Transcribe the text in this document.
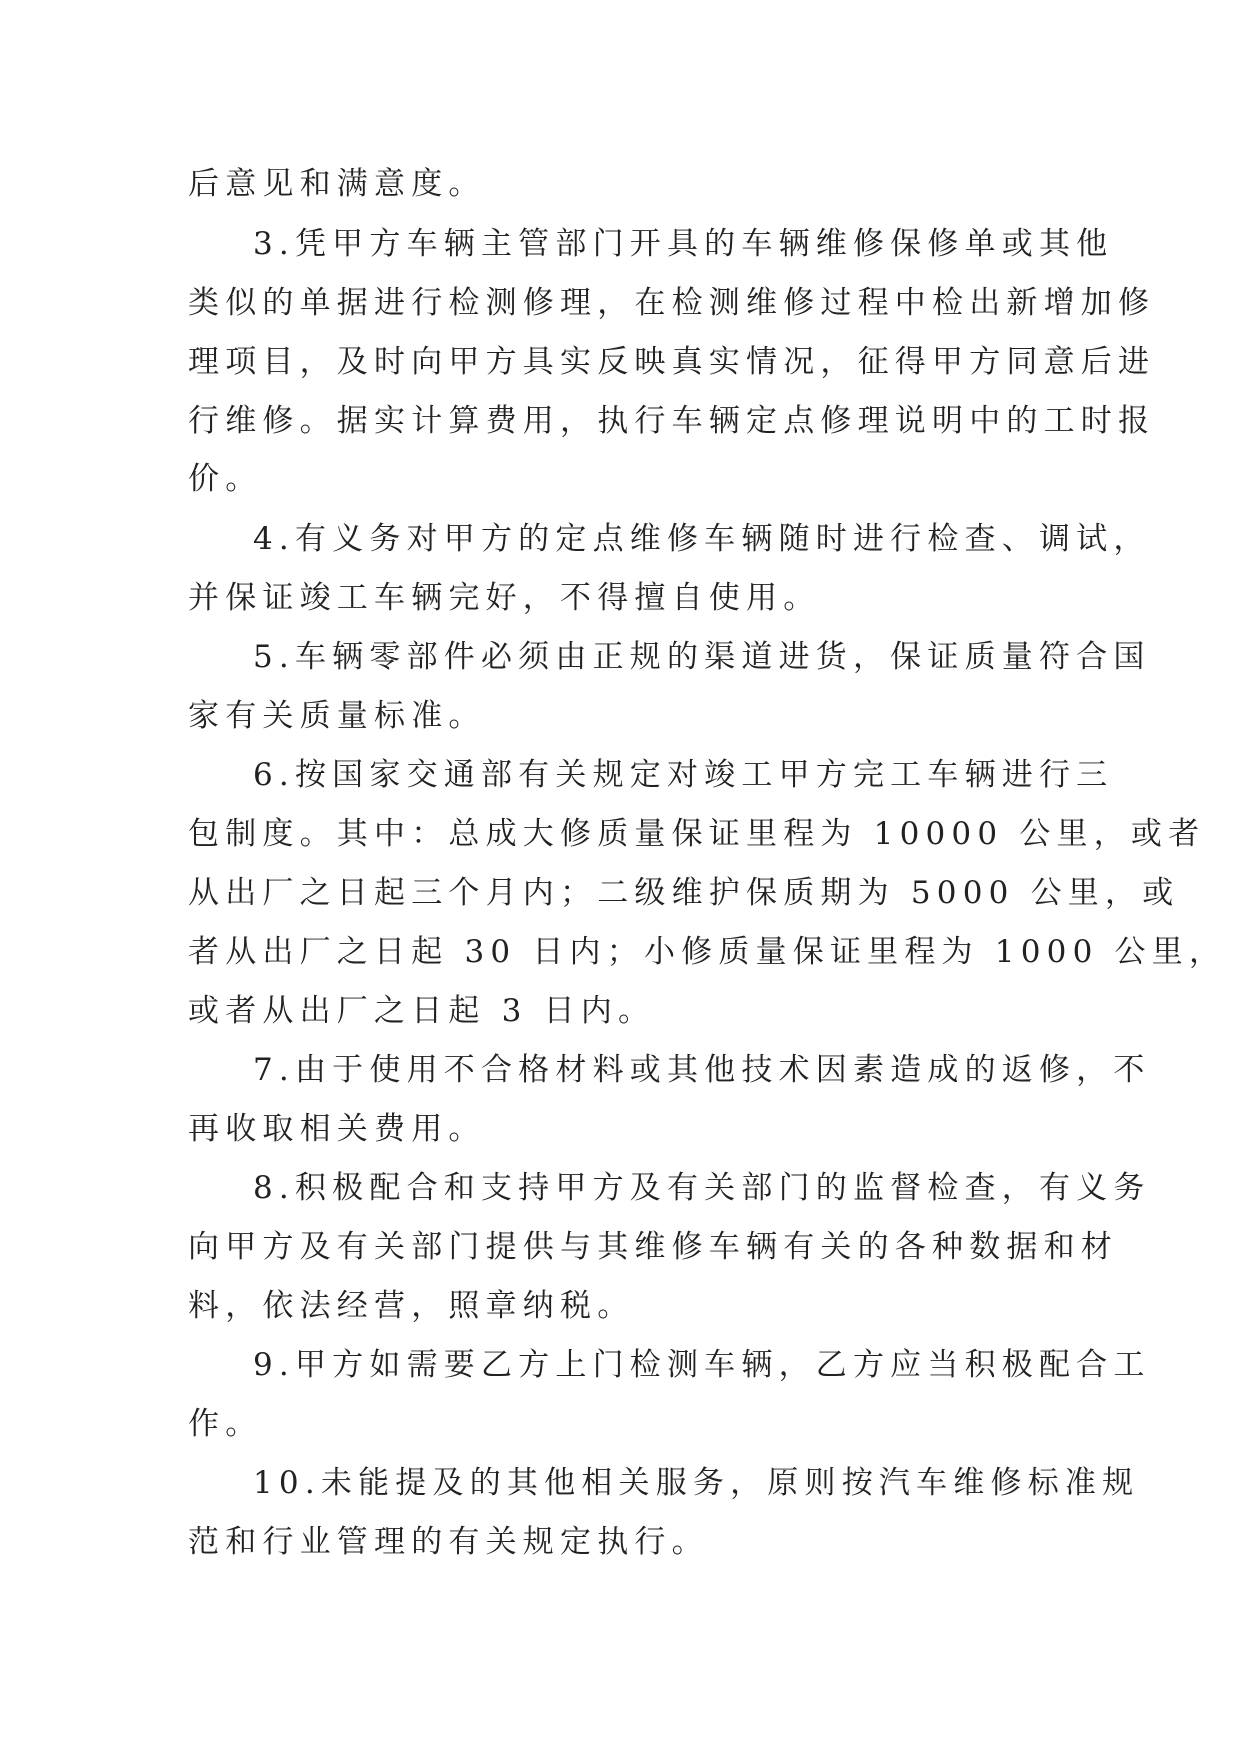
后意见和满意度。
3.凭甲方车辆主管部门开具的车辆维修保修单或其他
类似的单据进行检测修理，在检测维修过程中检出新增加修
理项目，及时向甲方具实反映真实情况，征得甲方同意后进
行维修。据实计算费用，执行车辆定点修理说明中的工时报
价。
4.有义务对甲方的定点维修车辆随时进行检查、调试，
并保证竣工车辆完好，不得擅自使用。
5.车辆零部件必须由正规的渠道进货，保证质量符合国
家有关质量标准。
6.按国家交通部有关规定对竣工甲方完工车辆进行三
包制度。其中：总成大修质量保证里程为 10000 公里，或者
从出厂之日起三个月内；二级维护保质期为 5000 公里，或
者从出厂之日起 30 日内；小修质量保证里程为 1000 公里，
或者从出厂之日起 3 日内。
7.由于使用不合格材料或其他技术因素造成的返修，不
再收取相关费用。
8.积极配合和支持甲方及有关部门的监督检查，有义务
向甲方及有关部门提供与其维修车辆有关的各种数据和材
料，依法经营，照章纳税。
9.甲方如需要乙方上门检测车辆，乙方应当积极配合工
作。
10.未能提及的其他相关服务，原则按汽车维修标准规
范和行业管理的有关规定执行。
